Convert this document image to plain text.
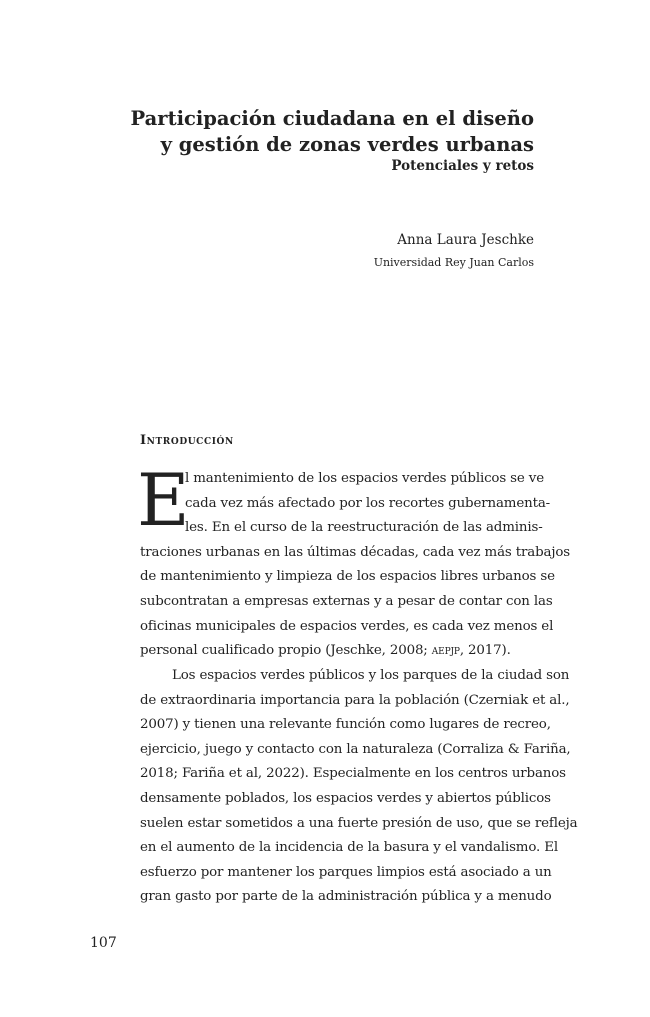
Participación ciudadana en el diseño
y gestión de zonas verdes urbanas
Potenciales y retos
Anna Laura Jeschke
Universidad Rey Juan Carlos
Introducción
E
l mantenimiento de los espacios verdes públicos se ve
cada vez más afectado por los recortes gubernamenta-
les. En el curso de la reestructuración de las adminis-
traciones urbanas en las últimas décadas, cada vez más trabajos
de mantenimiento y limpieza de los espacios libres urbanos se
subcontratan a empresas externas y a pesar de contar con las
oficinas municipales de espacios verdes, es cada vez menos el
personal cualificado propio (Jeschke, 2008; aepjp, 2017).
Los espacios verdes públicos y los parques de la ciudad son
de extraordinaria importancia para la población (Czerniak et al.,
2007) y tienen una relevante función como lugares de recreo,
ejercicio, juego y contacto con la naturaleza (Corraliza & Fariña,
2018; Fariña et al, 2022). Especialmente en los centros urbanos
densamente poblados, los espacios verdes y abiertos públicos
suelen estar sometidos a una fuerte presión de uso, que se refleja
en el aumento de la incidencia de la basura y el vandalismo. El
esfuerzo por mantener los parques limpios está asociado a un
gran gasto por parte de la administración pública y a menudo
107
